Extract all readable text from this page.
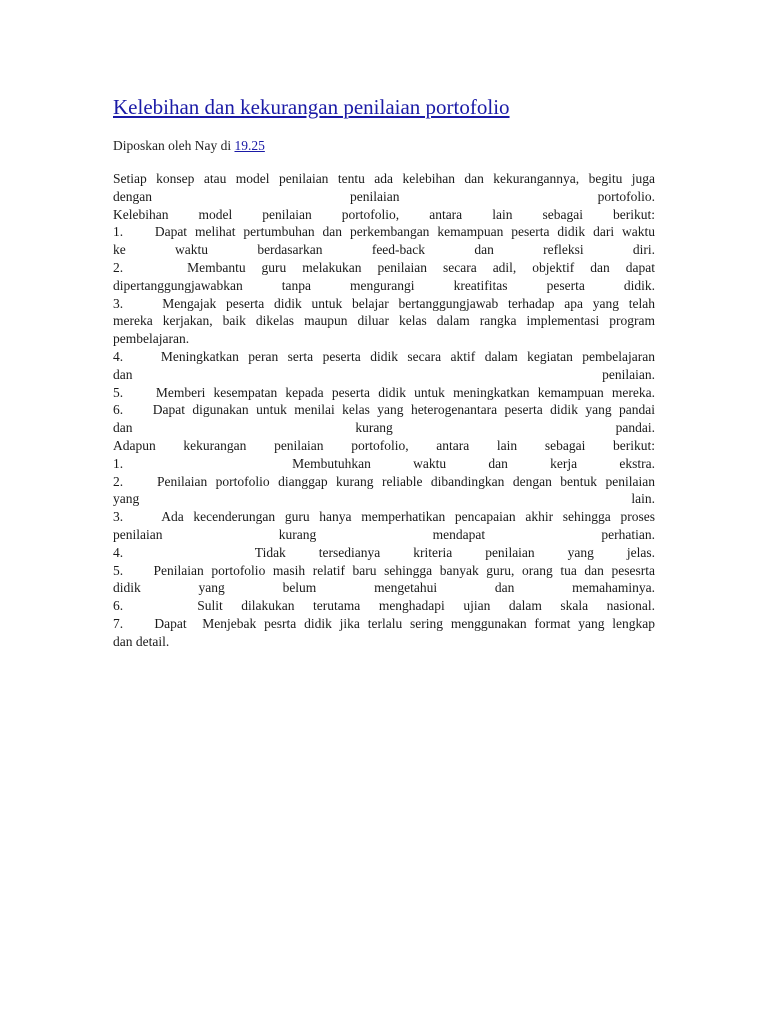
Kelebihan dan kekurangan penilaian portofolio
Diposkan oleh Nay di 19.25
Setiap konsep atau model penilaian tentu ada kelebihan dan kekurangannya, begitu juga
dengan penilaian portofolio.
Kelebihan model penilaian portofolio, antara lain sebagai berikut:
1.    Dapat melihat pertumbuhan dan perkembangan kemampuan peserta didik dari waktu
ke waktu berdasarkan feed-back dan refleksi diri.
2.    Membantu guru melakukan penilaian secara adil, objektif dan dapat
dipertanggungjawabkan tanpa mengurangi kreatifitas peserta didik.
3.    Mengajak peserta didik untuk belajar bertanggungjawab terhadap apa yang telah
mereka kerjakan, baik dikelas maupun diluar kelas dalam rangka implementasi program
pembelajaran.
4.    Meningkatkan peran serta peserta didik secara aktif dalam kegiatan pembelajaran
dan penilaian.
5.    Memberi kesempatan kepada peserta didik untuk meningkatkan kemampuan mereka.
6.    Dapat digunakan untuk menilai kelas yang heterogenantara peserta didik yang pandai
dan kurang pandai.
Adapun kekurangan penilaian portofolio, antara lain sebagai berikut:
1.    Membutuhkan waktu dan kerja ekstra.
2.    Penilaian portofolio dianggap kurang reliable dibandingkan dengan bentuk penilaian
yang lain.
3.    Ada kecenderungan guru hanya memperhatikan pencapaian akhir sehingga proses
penilaian kurang mendapat perhatian.
4.    Tidak tersedianya kriteria penilaian yang jelas.
5.    Penilaian portofolio masih relatif baru sehingga banyak guru, orang tua dan pesesrta
didik yang belum mengetahui dan memahaminya.
6.    Sulit dilakukan terutama menghadapi ujian dalam skala nasional.
7.    Dapat  Menjebak pesrta didik jika terlalu sering menggunakan format yang lengkap
dan detail.
